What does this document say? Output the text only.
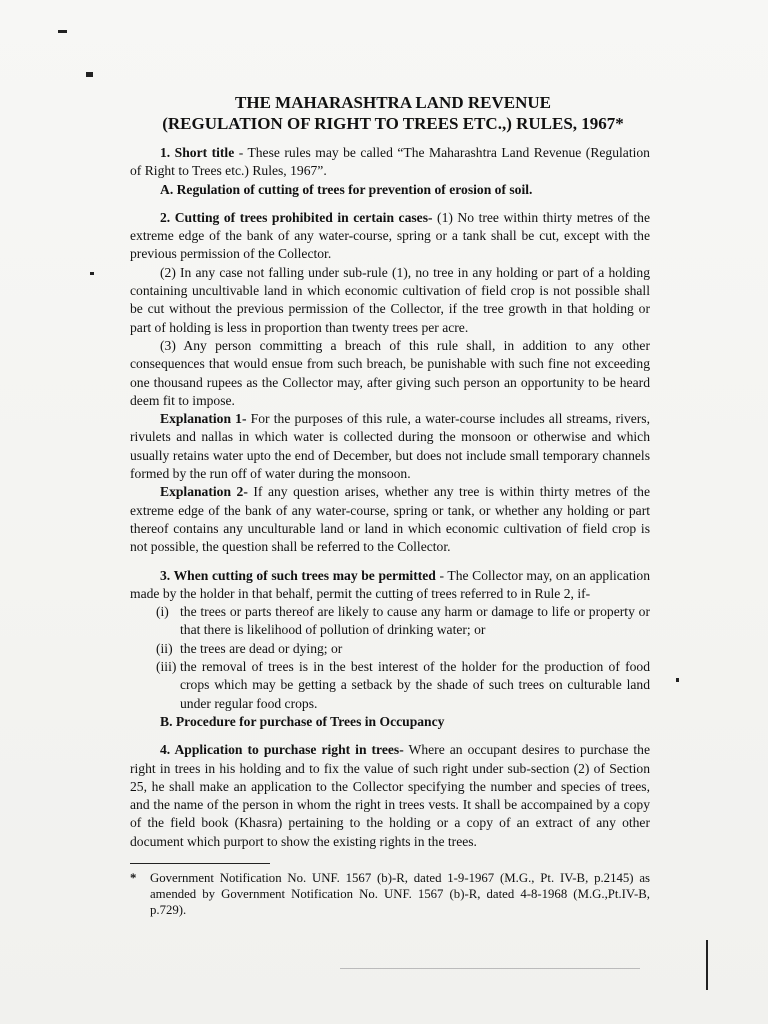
THE MAHARASHTRA LAND REVENUE
(REGULATION OF RIGHT TO TREES ETC.,) RULES, 1967*

1. Short title - These rules may be called “The Maharashtra Land Revenue (Regulation of Right to Trees etc.) Rules, 1967”.

A. Regulation of cutting of trees for prevention of erosion of soil.

2. Cutting of trees prohibited in certain cases- (1) No tree within thirty metres of the extreme edge of the bank of any water-course, spring or a tank shall be cut, except with the previous permission of the Collector.

(2) In any case not falling under sub-rule (1), no tree in any holding or part of a holding containing uncultivable land in which economic cultivation of field crop is not possible shall be cut without the previous permission of the Collector, if the tree growth in that holding or part of holding is less in proportion than twenty trees per acre.

(3) Any person committing a breach of this rule shall, in addition to any other consequences that would ensue from such breach, be punishable with such fine not exceeding one thousand rupees as the Collector may, after giving such person an opportunity to be heard deem fit to impose.

Explanation 1- For the purposes of this rule, a water-course includes all streams, rivers, rivulets and nallas in which water is collected during the monsoon or otherwise and which usually retains water upto the end of December, but does not include small temporary channels formed by the run off of water during the monsoon.

Explanation 2- If any question arises, whether any tree is within thirty metres of the extreme edge of the bank of any water-course, spring or tank, or whether any holding or part thereof contains any unculturable land or land in which economic cultivation of field crop is not possible, the question shall be referred to the Collector.

3. When cutting of such trees may be permitted - The Collector may, on an application made by the holder in that behalf, permit the cutting of trees referred to in Rule 2, if-

(i) the trees or parts thereof are likely to cause any harm or damage to life or property or that there is likelihood of pollution of drinking water; or
(ii) the trees are dead or dying; or
(iii) the removal of trees is in the best interest of the holder for the production of food crops which may be getting a setback by the shade of such trees on culturable land under regular food crops.

B. Procedure for purchase of Trees in Occupancy

4. Application to purchase right in trees- Where an occupant desires to purchase the right in trees in his holding and to fix the value of such right under sub-section (2) of Section 25, he shall make an application to the Collector specifying the number and species of trees, and the name of the person in whom the right in trees vests. It shall be accompained by a copy of the field book (Khasra) pertaining to the holding or a copy of an extract of any other document which purport to show the existing rights in the trees.

* Government Notification No. UNF. 1567 (b)-R, dated 1-9-1967 (M.G., Pt. IV-B, p.2145) as amended by Government Notification No. UNF. 1567 (b)-R, dated 4-8-1968 (M.G.,Pt.IV-B, p.729).
